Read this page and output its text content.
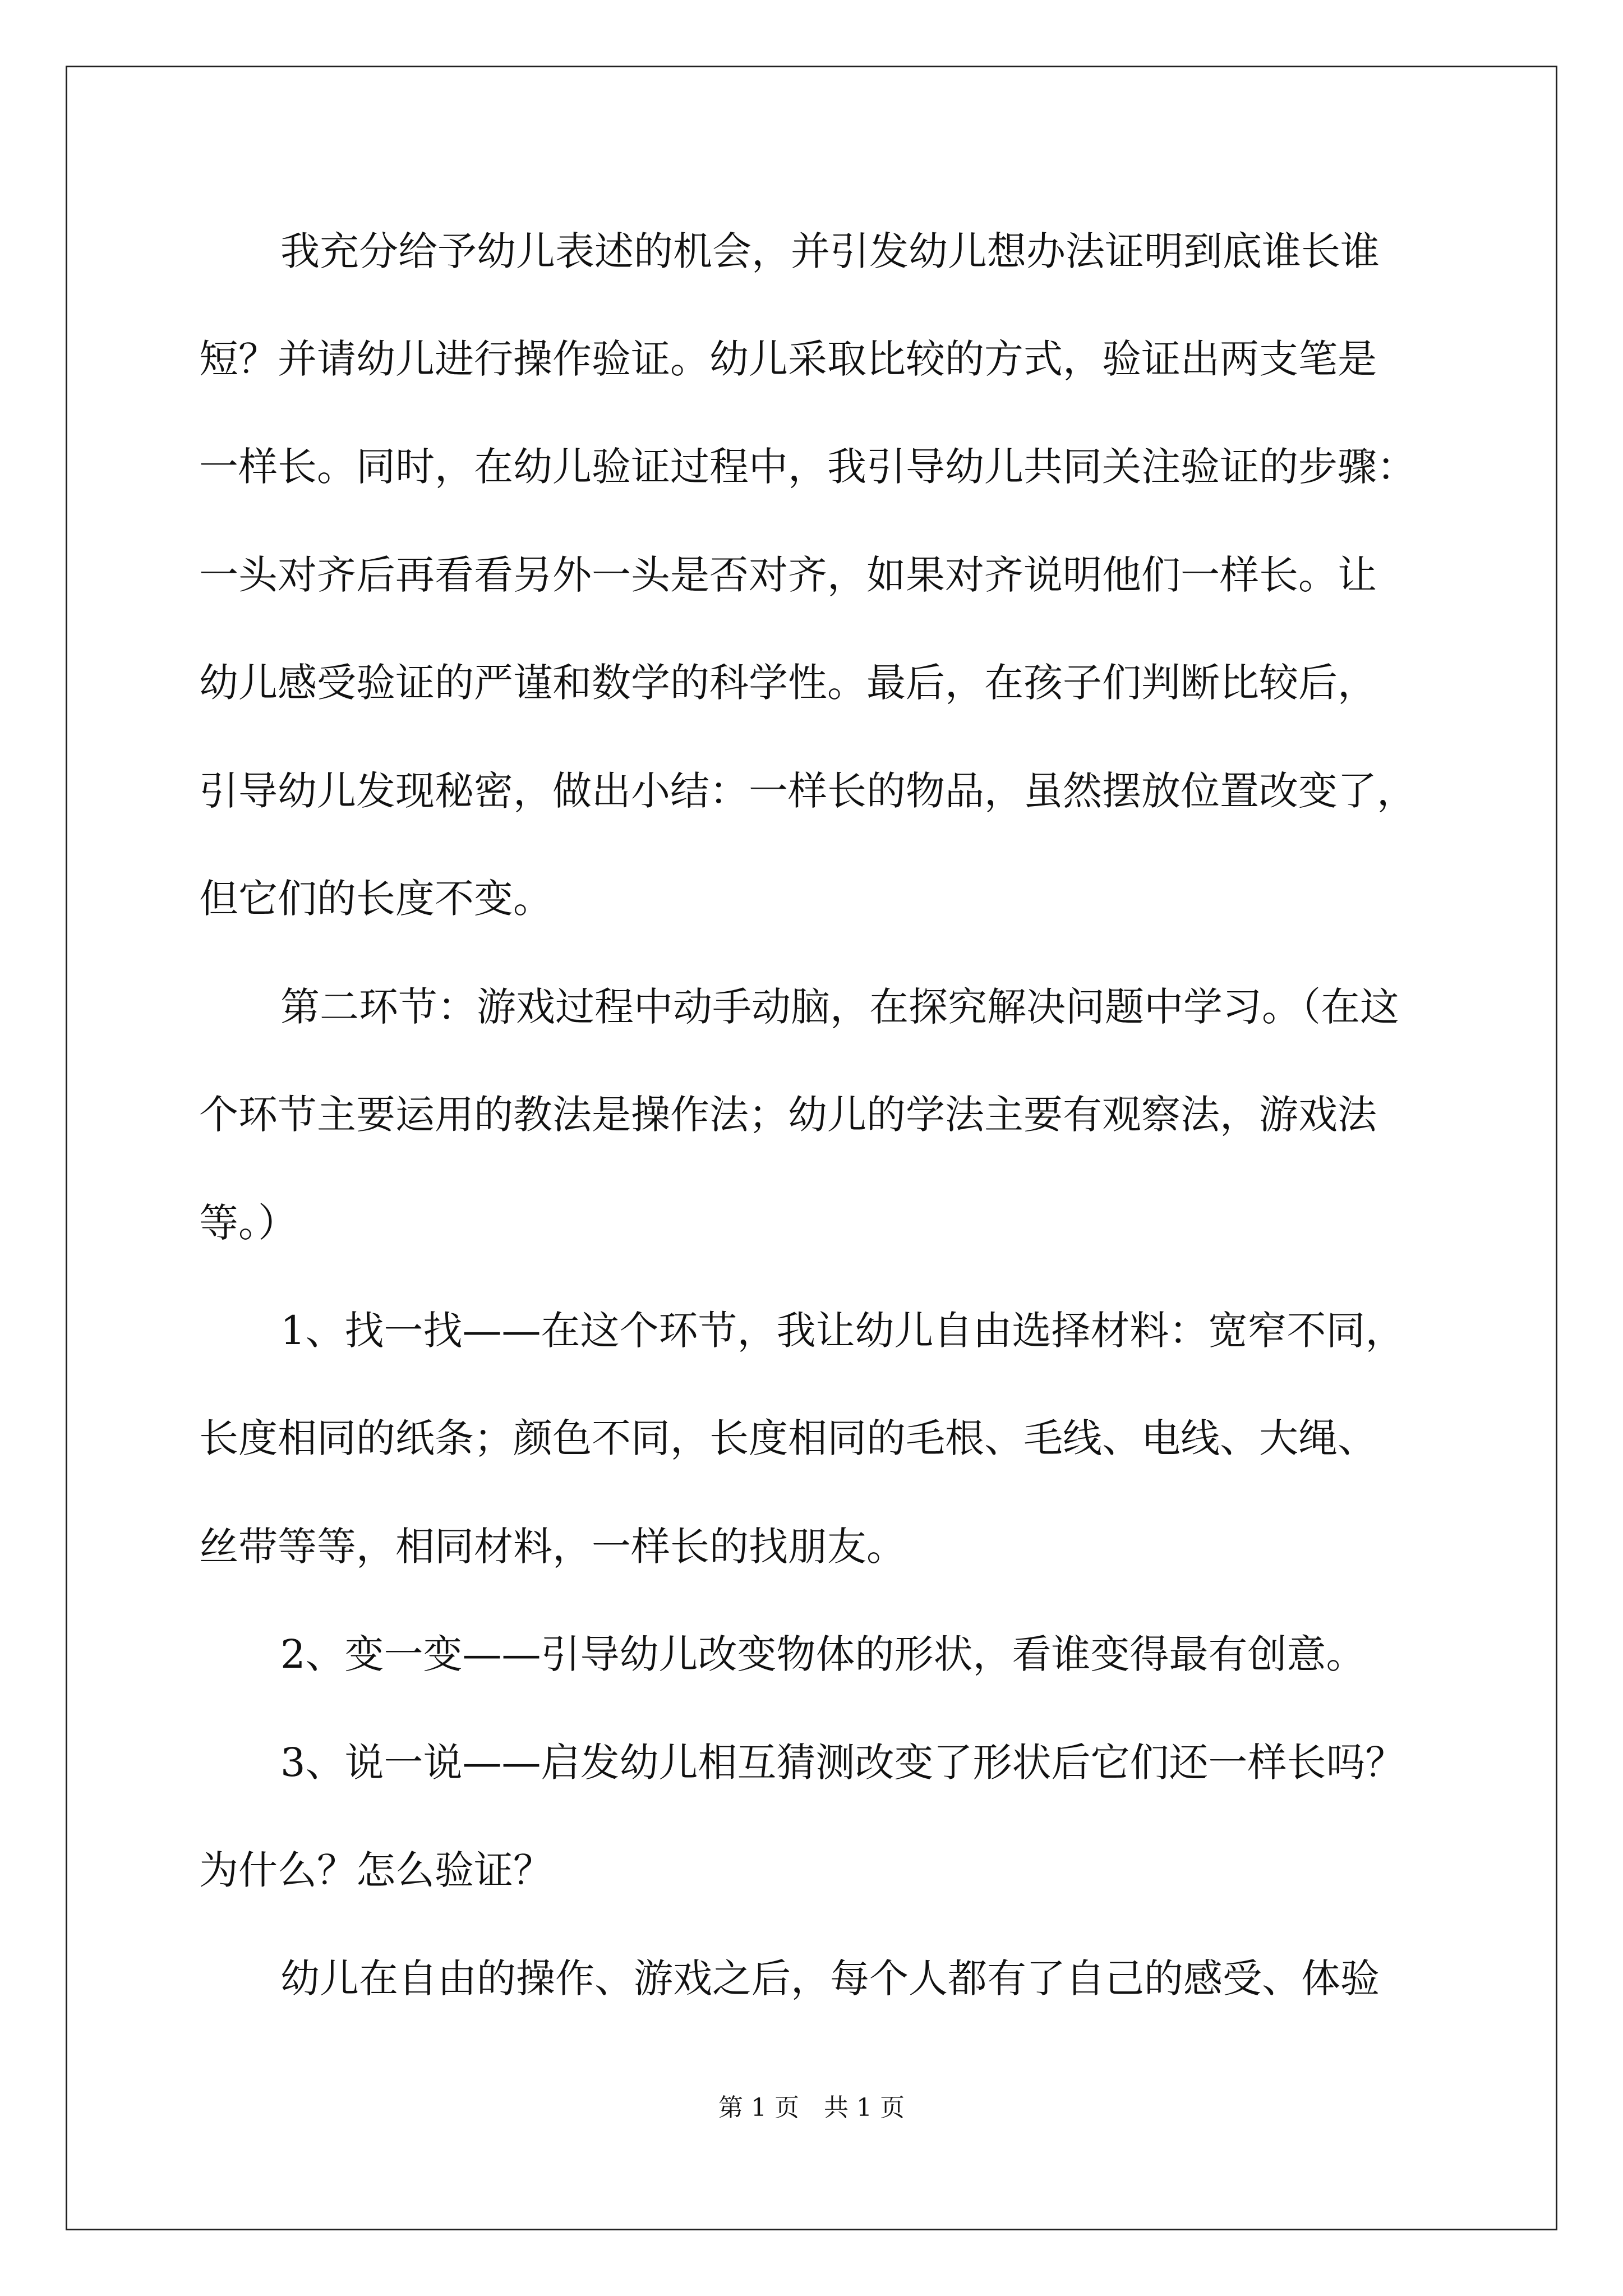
我充分给予幼儿表述的机会，并引发幼儿想办法证明到底谁长谁
短？并请幼儿进行操作验证。幼儿采取比较的方式，验证出两支笔是
一样长。同时，在幼儿验证过程中，我引导幼儿共同关注验证的步骤：
一头对齐后再看看另外一头是否对齐，如果对齐说明他们一样长。让
幼儿感受验证的严谨和数学的科学性。最后，在孩子们判断比较后，
引导幼儿发现秘密，做出小结：一样长的物品，虽然摆放位置改变了，
但它们的长度不变。
第二环节：游戏过程中动手动脑，在探究解决问题中学习。（在这
个环节主要运用的教法是操作法；幼儿的学法主要有观察法，游戏法
等。）
1、找一找——在这个环节，我让幼儿自由选择材料：宽窄不同，
长度相同的纸条；颜色不同，长度相同的毛根、毛线、电线、大绳、
丝带等等，相同材料，一样长的找朋友。
2、变一变——引导幼儿改变物体的形状，看谁变得最有创意。
3、说一说——启发幼儿相互猜测改变了形状后它们还一样长吗？
为什么？怎么验证？
幼儿在自由的操作、游戏之后，每个人都有了自己的感受、体验
第 1 页　共 1 页
